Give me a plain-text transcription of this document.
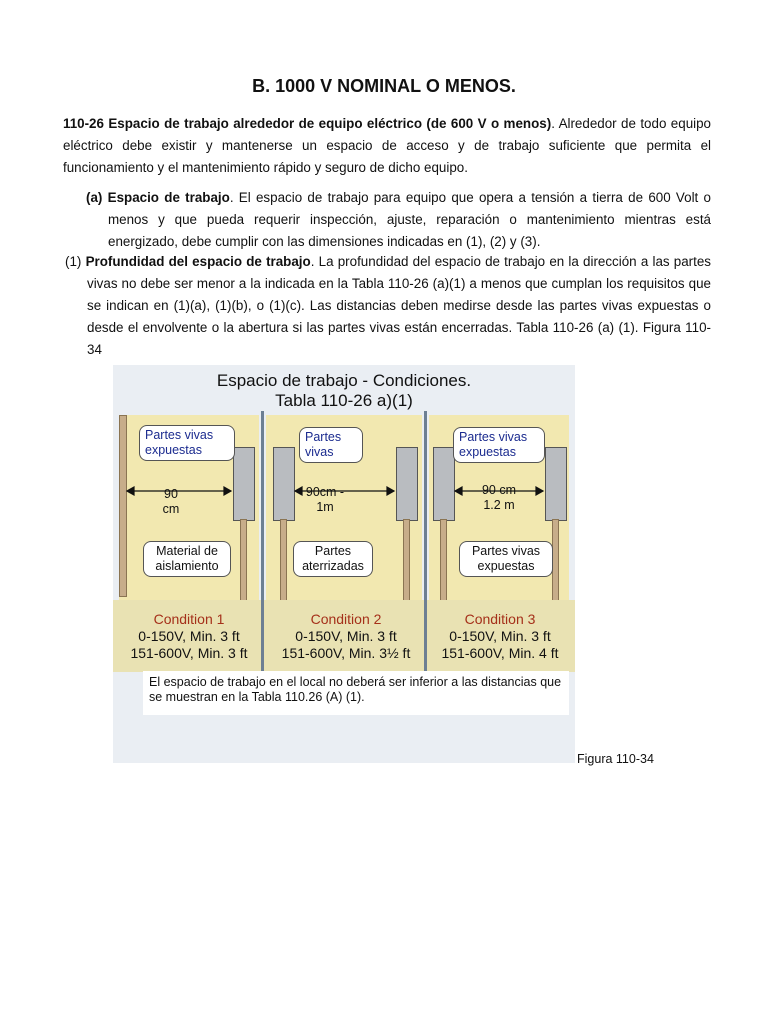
B. 1000 V NOMINAL O MENOS.
110-26 Espacio de trabajo alrededor de equipo eléctrico (de 600 V o menos). Alrededor de todo equipo eléctrico debe existir y mantenerse un espacio de acceso y de trabajo suficiente que permita el funcionamiento y el mantenimiento rápido y seguro de dicho equipo.
(a) Espacio de trabajo. El espacio de trabajo para equipo que opera a tensión a tierra de 600 Volt o menos y que pueda requerir inspección, ajuste, reparación o mantenimiento mientras está energizado, debe cumplir con las dimensiones indicadas en (1), (2) y (3).
(1) Profundidad del espacio de trabajo. La profundidad del espacio de trabajo en la dirección a las partes vivas no debe ser menor a la indicada en la Tabla 110-26 (a)(1) a menos que cumplan los requisitos que se indican en (1)(a), (1)(b), o (1)(c). Las distancias deben medirse desde las partes vivas expuestas o desde el envolvente o la abertura si las partes vivas están encerradas. Tabla 110-26 (a) (1). Figura 110-34
Espacio de trabajo - Condiciones.
Tabla 110-26 a)(1)
Partes vivas expuestas
90
cm
Material de aislamiento
Partes vivas
90cm -
1m
Partes aterrizadas
Partes vivas expuestas
90 cm
1.2 m
Partes vivas expuestas
Condition 1
0-150V, Min. 3 ft
151-600V, Min. 3 ft
Condition 2
0-150V, Min. 3 ft
151-600V, Min. 3½ ft
Condition 3
0-150V, Min. 3 ft
151-600V, Min. 4 ft
El espacio de trabajo en el local no deberá ser inferior a las distancias que se muestran en la Tabla 110.26 (A) (1).
Figura 110-34
